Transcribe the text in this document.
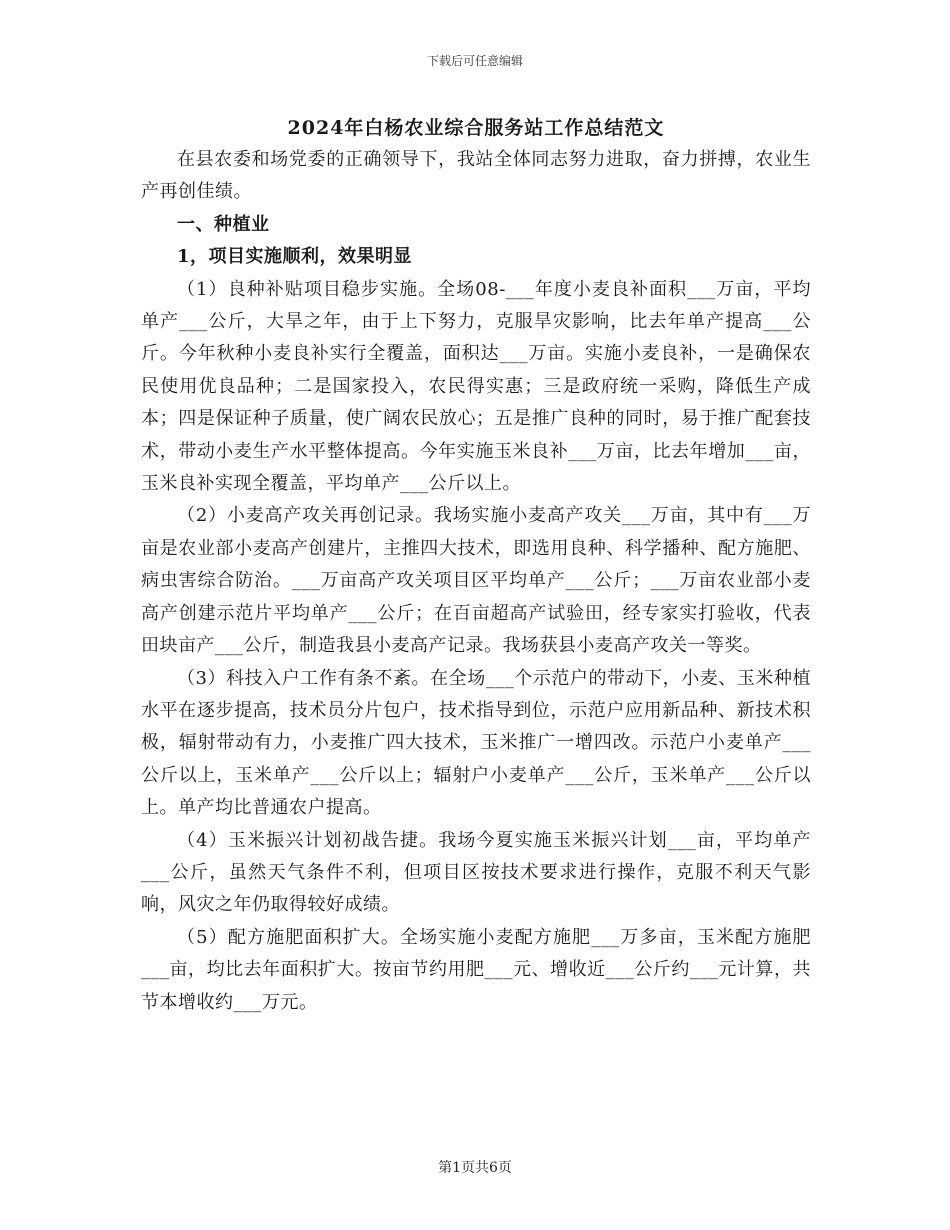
下载后可任意编辑
2024年白杨农业综合服务站工作总结范文

在县农委和场党委的正确领导下，我站全体同志努力进取，奋力拼搏，农业生产再创佳绩。

一、种植业

1，项目实施顺利，效果明显

（1）良种补贴项目稳步实施。全场08-___年度小麦良补面积___万亩，平均单产___公斤，大旱之年，由于上下努力，克服旱灾影响，比去年单产提高___公斤。今年秋种小麦良补实行全覆盖，面积达___万亩。实施小麦良补，一是确保农民使用优良品种；二是国家投入，农民得实惠；三是政府统一采购，降低生产成本；四是保证种子质量，使广阔农民放心；五是推广良种的同时，易于推广配套技术，带动小麦生产水平整体提高。今年实施玉米良补___万亩，比去年增加___亩，玉米良补实现全覆盖，平均单产___公斤以上。

（2）小麦高产攻关再创记录。我场实施小麦高产攻关___万亩，其中有___万亩是农业部小麦高产创建片，主推四大技术，即选用良种、科学播种、配方施肥、病虫害综合防治。___万亩高产攻关项目区平均单产___公斤；___万亩农业部小麦高产创建示范片平均单产___公斤；在百亩超高产试验田，经专家实打验收，代表田块亩产___公斤，制造我县小麦高产记录。我场获县小麦高产攻关一等奖。

（3）科技入户工作有条不紊。在全场___个示范户的带动下，小麦、玉米种植水平在逐步提高，技术员分片包户，技术指导到位，示范户应用新品种、新技术积极，辐射带动有力，小麦推广四大技术，玉米推广一增四改。示范户小麦单产___公斤以上，玉米单产___公斤以上；辐射户小麦单产___公斤，玉米单产___公斤以上。单产均比普通农户提高。

（4）玉米振兴计划初战告捷。我场今夏实施玉米振兴计划___亩，平均单产___公斤，虽然天气条件不利，但项目区按技术要求进行操作，克服不利天气影响，风灾之年仍取得较好成绩。

（5）配方施肥面积扩大。全场实施小麦配方施肥___万多亩，玉米配方施肥___亩，均比去年面积扩大。按亩节约用肥___元、增收近___公斤约___元计算，共节本增收约___万元。

第1页共6页
